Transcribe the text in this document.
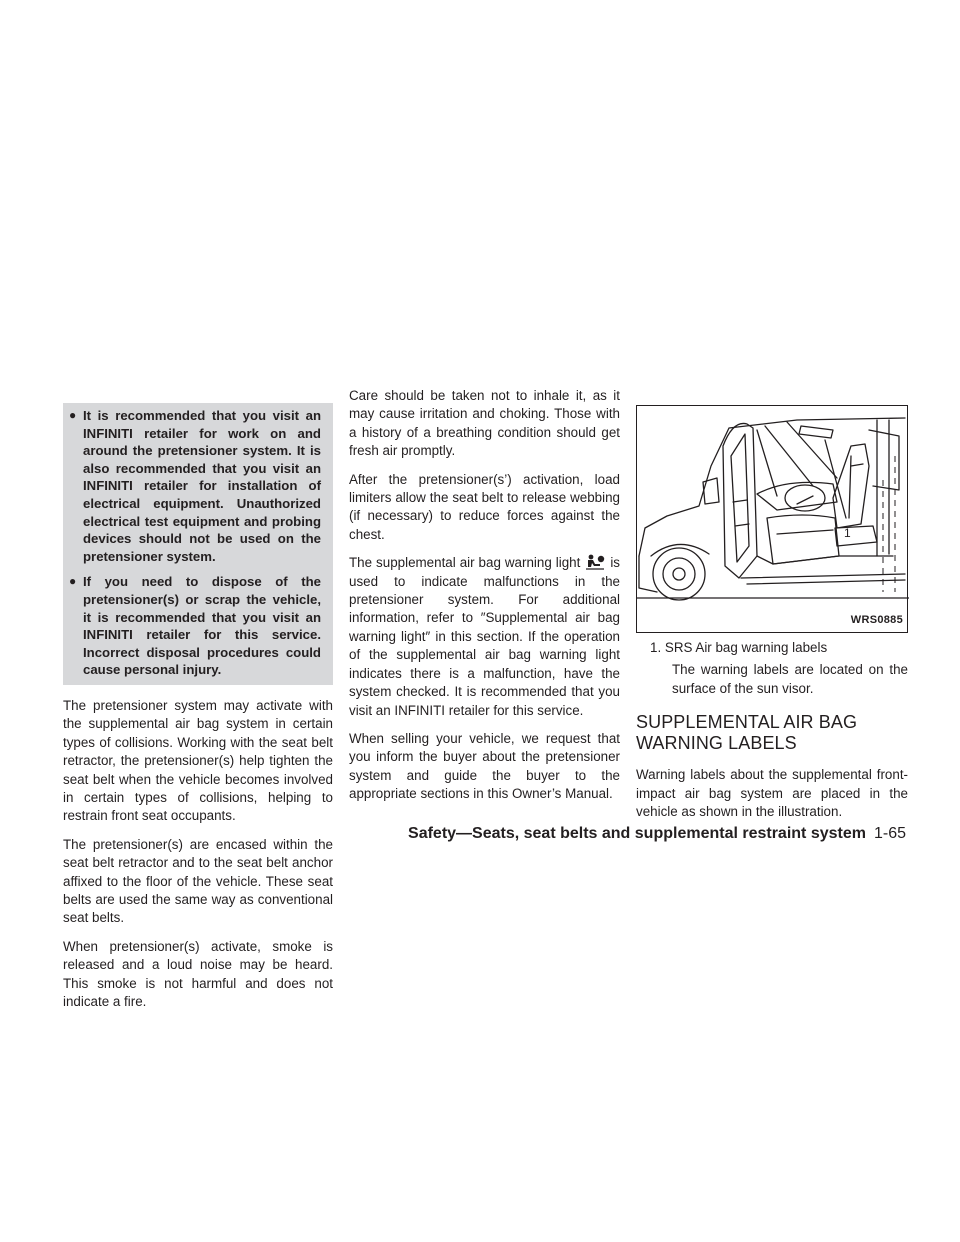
● It is recommended that you visit an INFINITI retailer for work on and around the pretensioner system. It is also recommended that you visit an INFINITI retailer for installation of electrical equipment. Unauthorized electrical test equipment and probing devices should not be used on the pretensioner system.
● If you need to dispose of the pretensioner(s) or scrap the vehicle, it is recommended that you visit an INFINITI retailer for this service. Incorrect disposal procedures could cause personal injury.

The pretensioner system may activate with the supplemental air bag system in certain types of collisions. Working with the seat belt retractor, the pretensioner(s) help tighten the seat belt when the vehicle becomes involved in certain types of collisions, helping to restrain front seat occupants.

The pretensioner(s) are encased within the seat belt retractor and to the seat belt anchor affixed to the floor of the vehicle. These seat belts are used the same way as conventional seat belts.

When pretensioner(s) activate, smoke is released and a loud noise may be heard. This smoke is not harmful and does not indicate a fire.

Care should be taken not to inhale it, as it may cause irritation and choking. Those with a history of a breathing condition should get fresh air promptly.

After the pretensioner(s’) activation, load limiters allow the seat belt to release webbing (if necessary) to reduce forces against the chest.

The supplemental air bag warning light is used to indicate malfunctions in the pretensioner system. For additional information, refer to ″Supplemental air bag warning light″ in this section. If the operation of the supplemental air bag warning light indicates there is a malfunction, have the system checked. It is recommended that you visit an INFINITI retailer for this service.

When selling your vehicle, we request that you inform the buyer about the pretensioner system and guide the buyer to the appropriate sections in this Owner’s Manual.

1
WRS0885
1. SRS Air bag warning labels
The warning labels are located on the surface of the sun visor.
SUPPLEMENTAL AIR BAG
WARNING LABELS

Warning labels about the supplemental front-impact air bag system are placed in the vehicle as shown in the illustration.

Safety—Seats, seat belts and supplemental restraint system 1-65
